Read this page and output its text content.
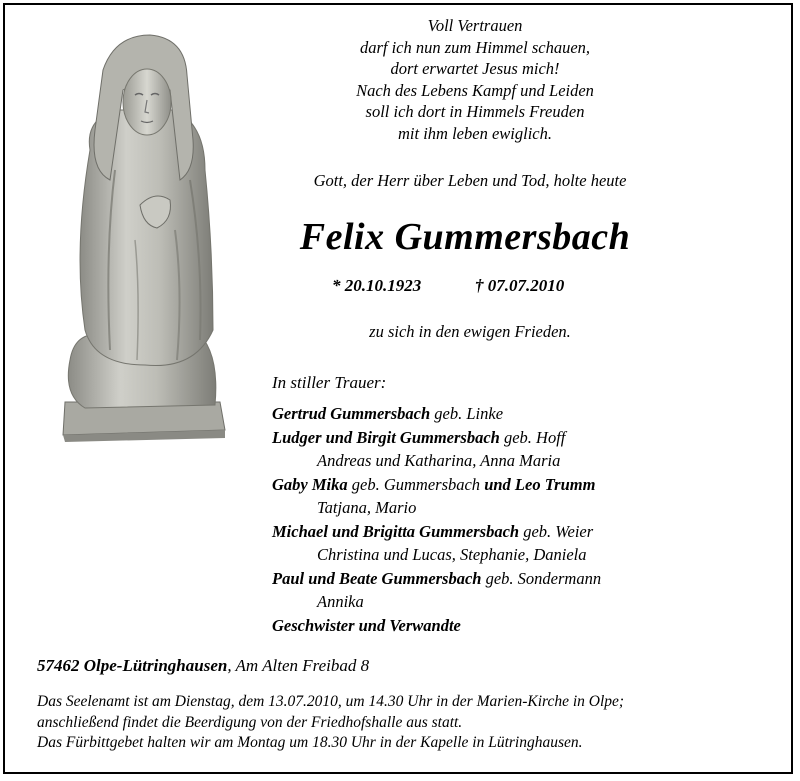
Voll Vertrauen
darf ich nun zum Himmel schauen,
dort erwartet Jesus mich!
Nach des Lebens Kampf und Leiden
soll ich dort in Himmels Freuden
mit ihm leben ewiglich.
Gott, der Herr über Leben und Tod, holte heute
Felix Gummersbach
* 20.10.1923	† 07.07.2010
zu sich in den ewigen Frieden.
In stiller Trauer:
Gertrud Gummersbach geb. Linke
Ludger und Birgit Gummersbach geb. Hoff
Andreas und Katharina, Anna Maria
Gaby Mika geb. Gummersbach und Leo Trumm
Tatjana, Mario
Michael und Brigitta Gummersbach geb. Weier
Christina und Lucas, Stephanie, Daniela
Paul und Beate Gummersbach geb. Sondermann
Annika
Geschwister und Verwandte
57462 Olpe-Lütringhausen, Am Alten Freibad 8
Das Seelenamt ist am Dienstag, dem 13.07.2010, um 14.30 Uhr in der Marien-Kirche in Olpe;
anschließend findet die Beerdigung von der Friedhofshalle aus statt.
Das Fürbittgebet halten wir am Montag um 18.30 Uhr in der Kapelle in Lütringhausen.
